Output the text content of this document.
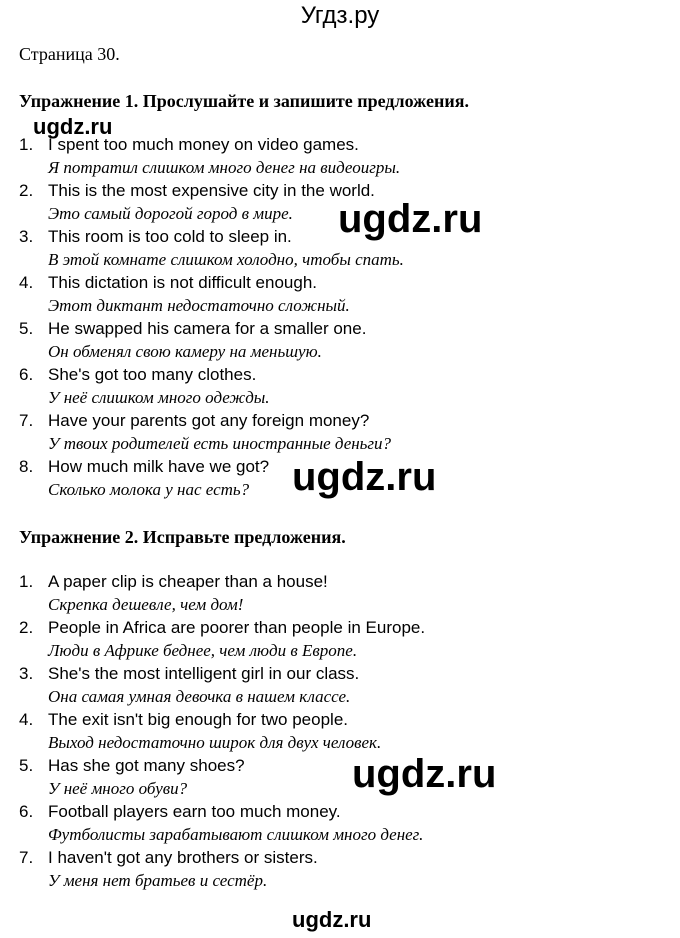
Угдз.ру
Страница 30.
Упражнение 1. Прослушайте и запишите предложения.
1. I spent too much money on video games.
Я потратил слишком много денег на видеоигры.
2. This is the most expensive city in the world.
Это самый дорогой город в мире.
3. This room is too cold to sleep in.
В этой комнате слишком холодно, чтобы спать.
4. This dictation is not difficult enough.
Этот диктант недостаточно сложный.
5. He swapped his camera for a smaller one.
Он обменял свою камеру на меньшую.
6. She's got too many clothes.
У неё слишком много одежды.
7. Have your parents got any foreign money?
У твоих родителей есть иностранные деньги?
8. How much milk have we got?
Сколько молока у нас есть?
Упражнение 2. Исправьте предложения.
1. A paper clip is cheaper than a house!
Скрепка дешевле, чем дом!
2. People in Africa are poorer than people in Europe.
Люди в Африке беднее, чем люди в Европе.
3. She's the most intelligent girl in our class.
Она самая умная девочка в нашем классе.
4. The exit isn't big enough for two people.
Выход недостаточно широк для двух человек.
5. Has she got many shoes?
У неё много обуви?
6. Football players earn too much money.
Футболисты зарабатывают слишком много денег.
7. I haven't got any brothers or sisters.
У меня нет братьев и сестёр.
ugdz.ru
ugdz.ru
ugdz.ru
ugdz.ru
ugdz.ru
